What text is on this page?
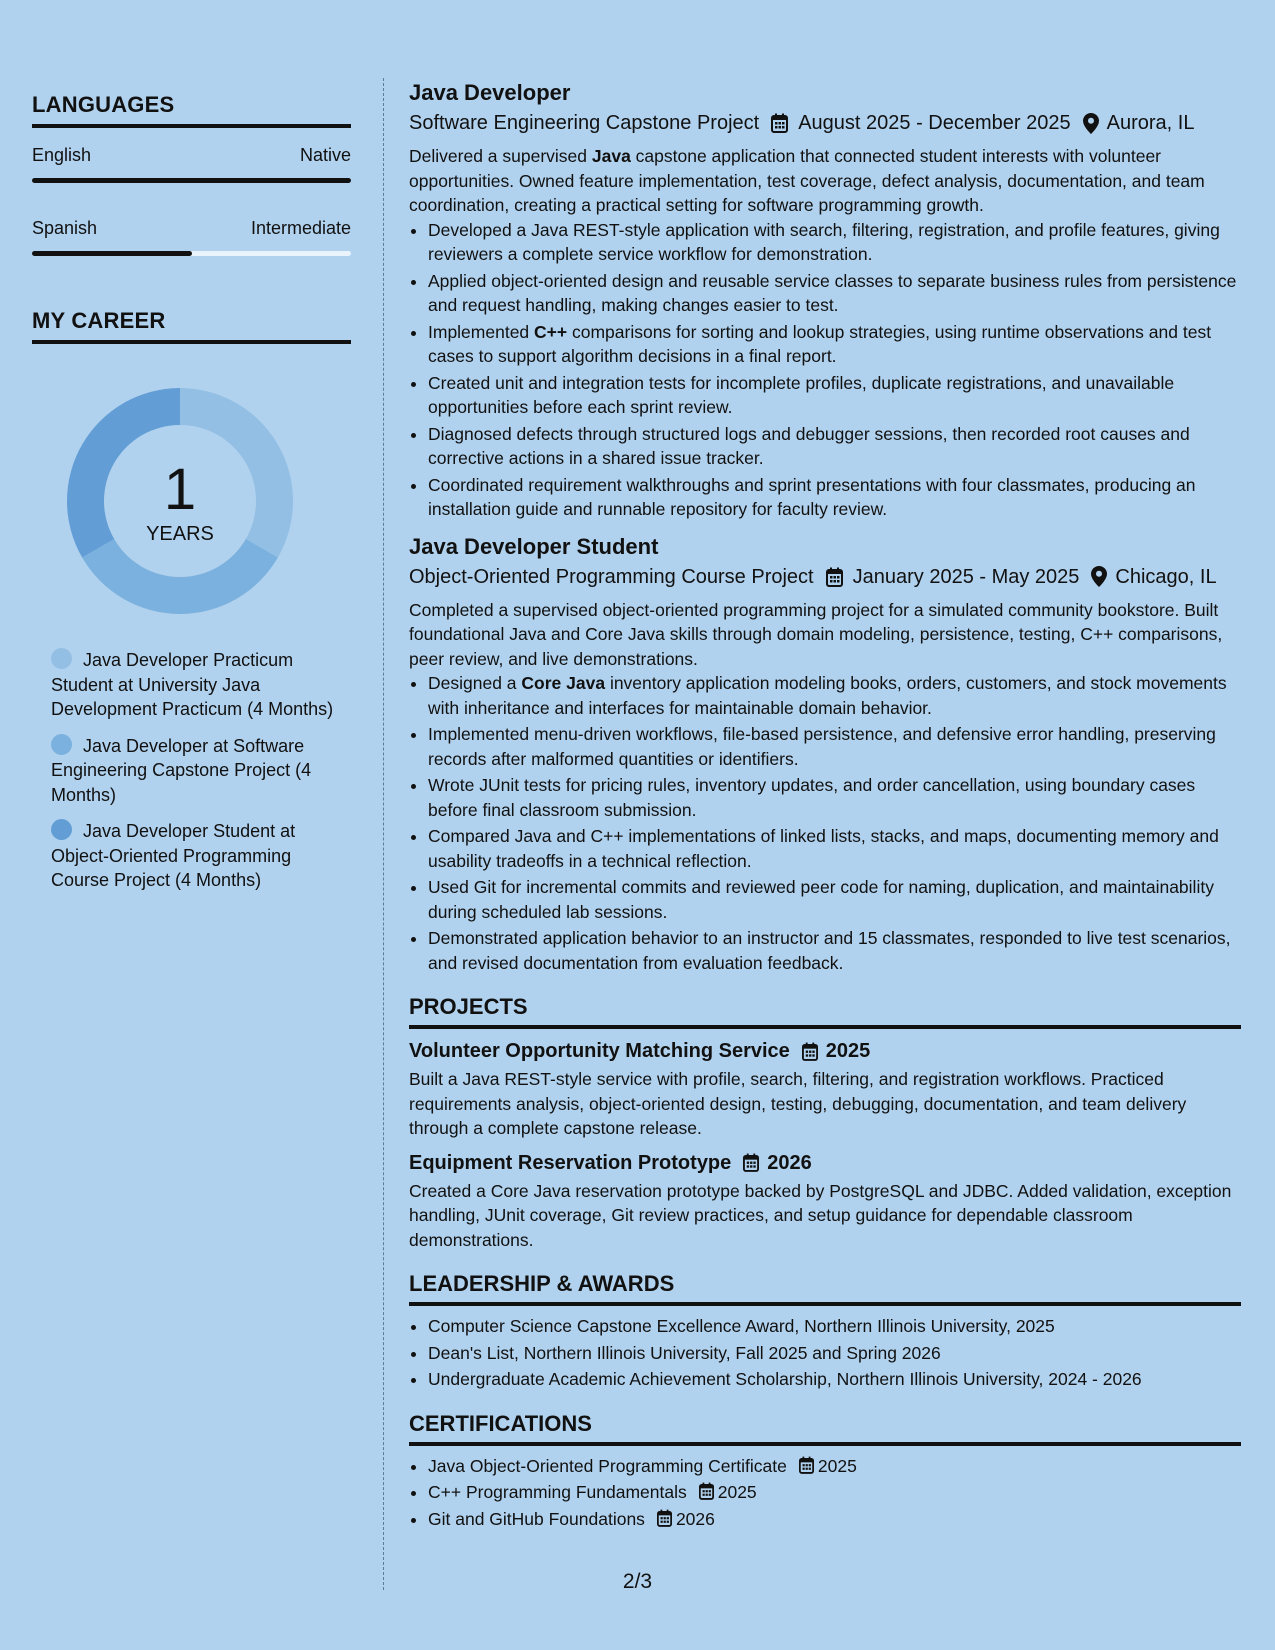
LANGUAGES
English	Native
Spanish	Intermediate
MY CAREER
1
YEARS
Java Developer Practicum Student at University Java Development Practicum (4 Months)
Java Developer at Software Engineering Capstone Project (4 Months)
Java Developer Student at Object-Oriented Programming Course Project (4 Months)
Java Developer
Software Engineering Capstone Project August 2025 - December 2025 Aurora, IL

Delivered a supervised Java capstone application that connected student interests with volunteer opportunities. Owned feature implementation, test coverage, defect analysis, documentation, and team coordination, creating a practical setting for software programming growth.

• Developed a Java REST-style application with search, filtering, registration, and profile features, giving reviewers a complete service workflow for demonstration.
• Applied object-oriented design and reusable service classes to separate business rules from persistence and request handling, making changes easier to test.
• Implemented C++ comparisons for sorting and lookup strategies, using runtime observations and test cases to support algorithm decisions in a final report.
• Created unit and integration tests for incomplete profiles, duplicate registrations, and unavailable opportunities before each sprint review.
• Diagnosed defects through structured logs and debugger sessions, then recorded root causes and corrective actions in a shared issue tracker.
• Coordinated requirement walkthroughs and sprint presentations with four classmates, producing an installation guide and runnable repository for faculty review.
Java Developer Student
Object-Oriented Programming Course Project January 2025 - May 2025 Chicago, IL

Completed a supervised object-oriented programming project for a simulated community bookstore. Built foundational Java and Core Java skills through domain modeling, persistence, testing, C++ comparisons, peer review, and live demonstrations.

• Designed a Core Java inventory application modeling books, orders, customers, and stock movements with inheritance and interfaces for maintainable domain behavior.
• Implemented menu-driven workflows, file-based persistence, and defensive error handling, preserving records after malformed quantities or identifiers.
• Wrote JUnit tests for pricing rules, inventory updates, and order cancellation, using boundary cases before final classroom submission.
• Compared Java and C++ implementations of linked lists, stacks, and maps, documenting memory and usability tradeoffs in a technical reflection.
• Used Git for incremental commits and reviewed peer code for naming, duplication, and maintainability during scheduled lab sessions.
• Demonstrated application behavior to an instructor and 15 classmates, responded to live test scenarios, and revised documentation from evaluation feedback.
PROJECTS
Volunteer Opportunity Matching Service 2025

Built a Java REST-style service with profile, search, filtering, and registration workflows. Practiced requirements analysis, object-oriented design, testing, debugging, documentation, and team delivery through a complete capstone release.

Equipment Reservation Prototype 2026

Created a Core Java reservation prototype backed by PostgreSQL and JDBC. Added validation, exception handling, JUnit coverage, Git review practices, and setup guidance for dependable classroom demonstrations.

LEADERSHIP & AWARDS
• Computer Science Capstone Excellence Award, Northern Illinois University, 2025
• Dean's List, Northern Illinois University, Fall 2025 and Spring 2026
• Undergraduate Academic Achievement Scholarship, Northern Illinois University, 2024 - 2026
CERTIFICATIONS
• Java Object-Oriented Programming Certificate 2025
• C++ Programming Fundamentals 2025
• Git and GitHub Foundations 2026
2/3
